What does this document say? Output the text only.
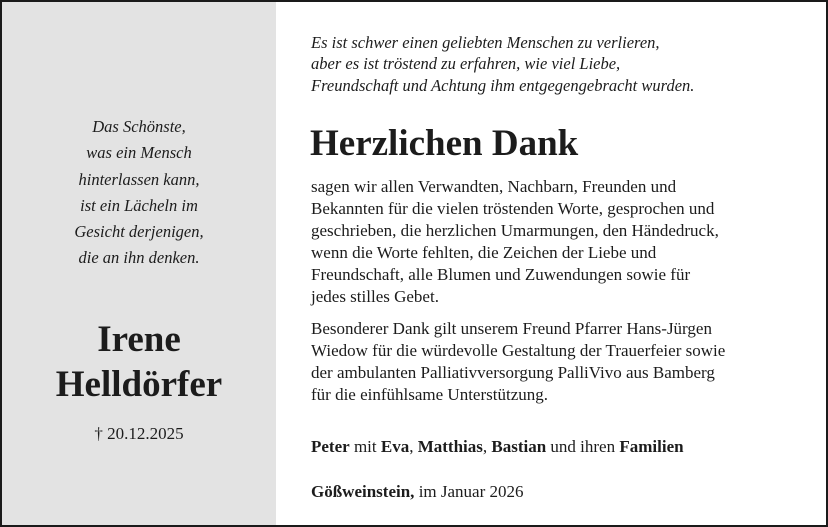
Das Schönste,
was ein Mensch
hinterlassen kann,
ist ein Lächeln im
Gesicht derjenigen,
die an ihn denken.
Irene
Helldörfer
† 20.12.2025
Es ist schwer einen geliebten Menschen zu verlieren,
aber es ist tröstend zu erfahren, wie viel Liebe,
Freundschaft und Achtung ihm entgegengebracht wurden.
Herzlichen Dank
sagen wir allen Verwandten, Nachbarn, Freunden und
Bekannten für die vielen tröstenden Worte, gesprochen und
geschrieben, die herzlichen Umarmungen, den Händedruck,
wenn die Worte fehlten, die Zeichen der Liebe und
Freundschaft, alle Blumen und Zuwendungen sowie für
jedes stilles Gebet.
Besonderer Dank gilt unserem Freund Pfarrer Hans-Jürgen
Wiedow für die würdevolle Gestaltung der Trauerfeier sowie
der ambulanten Palliativversorgung PalliVivo aus Bamberg
für die einfühlsame Unterstützung.
Peter mit Eva, Matthias, Bastian und ihren Familien
Gößweinstein, im Januar 2026
